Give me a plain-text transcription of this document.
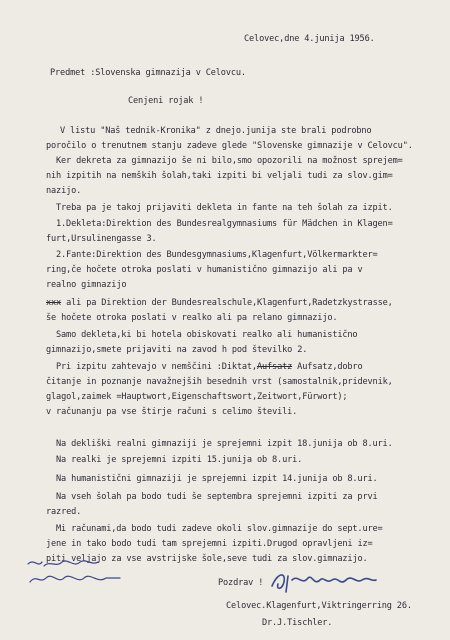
Celovec,dne 4.junija 1956.
Predmet :Slovenska gimnazija v Celovcu.
Cenjeni rojak !
V listu "Naš tednik-Kronika" z dnejo.junija ste brali podrobno
poročilo o trenutnem stanju zadeve glede "Slovenske gimnazije v Celovcu".
Ker dekreta za gimnazijo še ni bilo,smo opozorili na možnost sprejem=
nih izpitih na nemških šolah,taki izpiti bi veljali tudi za slov.gim=
nazijo.
Treba pa je takoj prijaviti dekleta in fante na teh šolah za izpit.
1.Dekleta:Direktion des Bundesrealgymnasiums für Mädchen in Klagen=
furt,Ursulinengasse 3.
2.Fante:Direktion des Bundesgymnasiums,Klagenfurt,Völkermarkter=
ring,če hočete otroka poslati v humanistično gimnazijo ali pa v
realno gimnazijo
xxx ali pa Direktion der Bundesrealschule,Klagenfurt,Radetzkystrasse,
še hočete otroka poslati v realko ali pa relano gimnazijo.
Samo dekleta,ki bi hotela obiskovati realko ali humanistično
gimnazijo,smete prijaviti na zavod h pod številko 2.
Pri izpitu zahtevajo v nemščini :Diktat,Aufsatz Aufsatz,dobro
čitanje in poznanje navažnejših besednih vrst (samostalnik,pridevnik,
glagol,zaimek =Hauptwort,Eigenschaftswort,Zeitwort,Fürwort);
v računanju pa vse štirje računi s celimo števili.
Na dekliški realni gimnaziji je sprejemni izpit 18.junija ob 8.uri.
Na realki je sprejemni izpiti 15.junija ob 8.uri.
Na humanistični gimnaziji je sprejemni izpit 14.junija ob 8.uri.
Na vseh šolah pa bodo tudi še septembra sprejemni izpiti za prvi
razred.
Mi računami,da bodo tudi zadeve okoli slov.gimnazije do sept.ure=
jene in tako bodo tudi tam sprejemni izpiti.Drugod opravljeni iz=
piti veljajo za vse avstrijske šole,seve tudi za slov.gimnazijo.
Pozdrav !
Celovec.Klagenfurt,Viktringerring 26.
Dr.J.Tischler.
